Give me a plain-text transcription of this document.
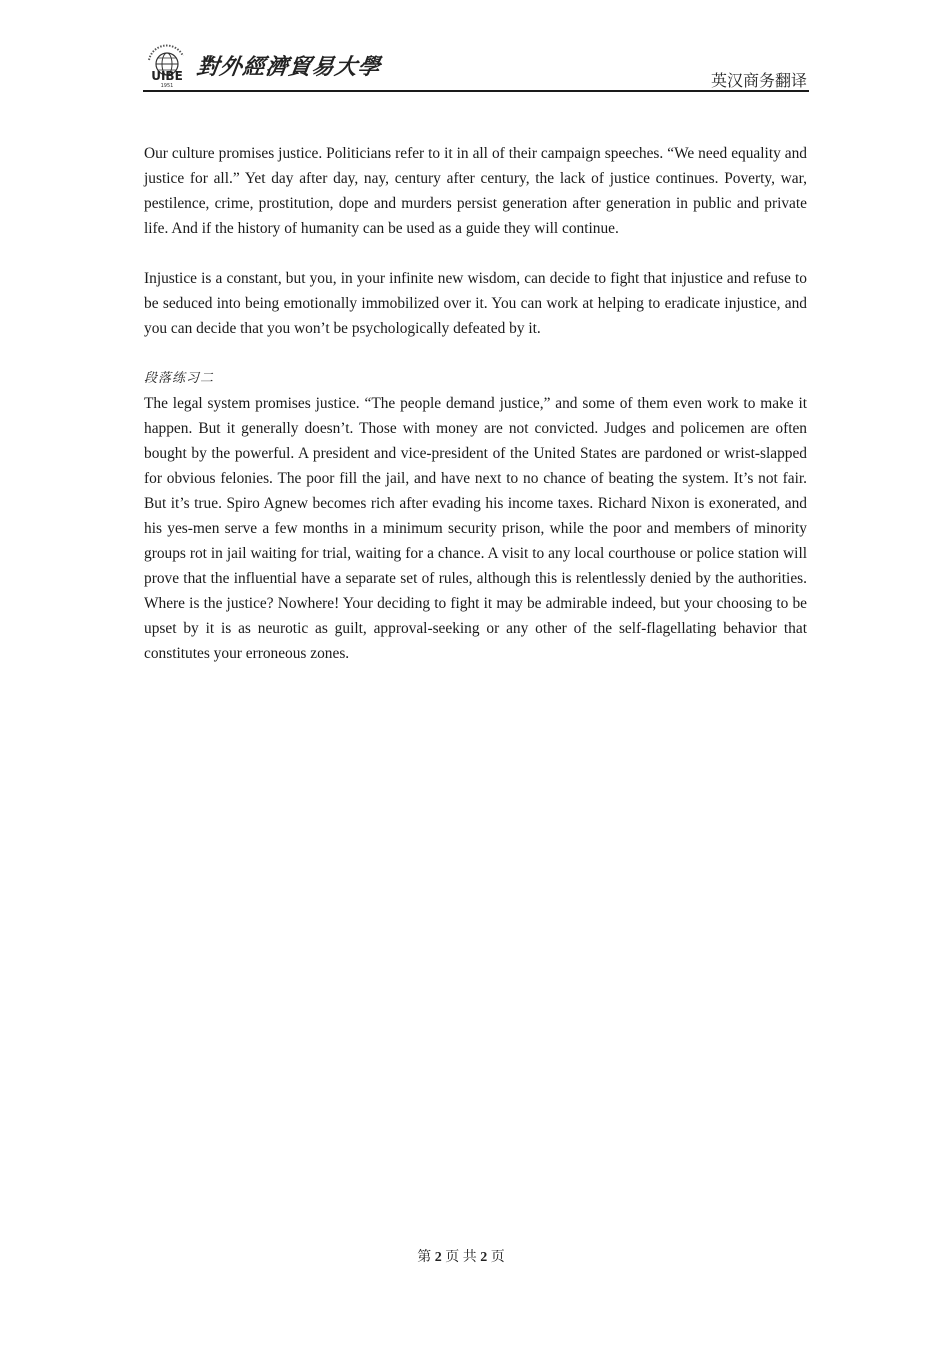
UIBE
1951
對外經濟貿易大學
英汉商务翻译

Our culture promises justice. Politicians refer to it in all of their campaign speeches. “We need equality and justice for all.” Yet day after day, nay, century after century, the lack of justice continues. Poverty, war, pestilence, crime, prostitution, dope and murders persist generation after generation in public and private life. And if the history of humanity can be used as a guide they will continue.

Injustice is a constant, but you, in your infinite new wisdom, can decide to fight that injustice and refuse to be seduced into being emotionally immobilized over it. You can work at helping to eradicate injustice, and you can decide that you won’t be psychologically defeated by it.

段落练习二

The legal system promises justice. “The people demand justice,” and some of them even work to make it happen. But it generally doesn’t. Those with money are not convicted. Judges and policemen are often bought by the powerful. A president and vice-president of the United States are pardoned or wrist-slapped for obvious felonies. The poor fill the jail, and have next to no chance of beating the system. It’s not fair. But it’s true. Spiro Agnew becomes rich after evading his income taxes. Richard Nixon is exonerated, and his yes-men serve a few months in a minimum security prison, while the poor and members of minority groups rot in jail waiting for trial, waiting for a chance. A visit to any local courthouse or police station will prove that the influential have a separate set of rules, although this is relentlessly denied by the authorities. Where is the justice? Nowhere! Your deciding to fight it may be admirable indeed, but your choosing to be upset by it is as neurotic as guilt, approval-seeking or any other of the self-flagellating behavior that constitutes your erroneous zones.

第 2 页 共 2 页
